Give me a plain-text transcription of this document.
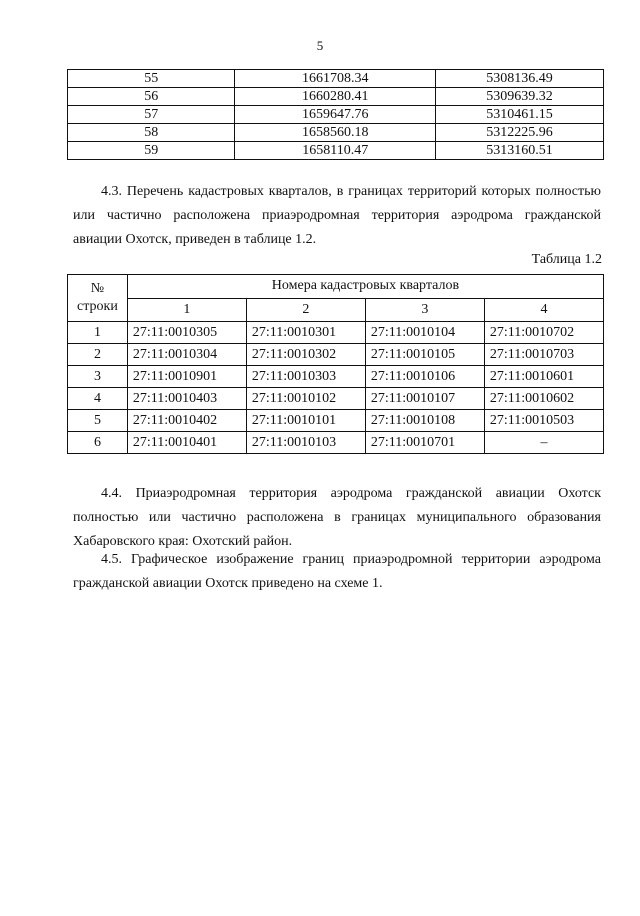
5
55	1661708.34	5308136.49
56	1660280.41	5309639.32
57	1659647.76	5310461.15
58	1658560.18	5312225.96
59	1658110.47	5313160.51

4.3. Перечень кадастровых кварталов, в границах территорий которых полностью или частично расположена приаэродромная территория аэродрома гражданской авиации Охотск, приведен в таблице 1.2.

Таблица 1.2
№
строки	Номера кадастровых кварталов			
	1	2	3	4
1	27:11:0010305	27:11:0010301	27:11:0010104	27:11:0010702
2	27:11:0010304	27:11:0010302	27:11:0010105	27:11:0010703
3	27:11:0010901	27:11:0010303	27:11:0010106	27:11:0010601
4	27:11:0010403	27:11:0010102	27:11:0010107	27:11:0010602
5	27:11:0010402	27:11:0010101	27:11:0010108	27:11:0010503
6	27:11:0010401	27:11:0010103	27:11:0010701	–

4.4. Приаэродромная территория аэродрома гражданской авиации Охотск полностью или частично расположена в границах муниципального образования Хабаровского края: Охотский район.

4.5. Графическое изображение границ приаэродромной территории аэродрома гражданской авиации Охотск приведено на схеме 1.
